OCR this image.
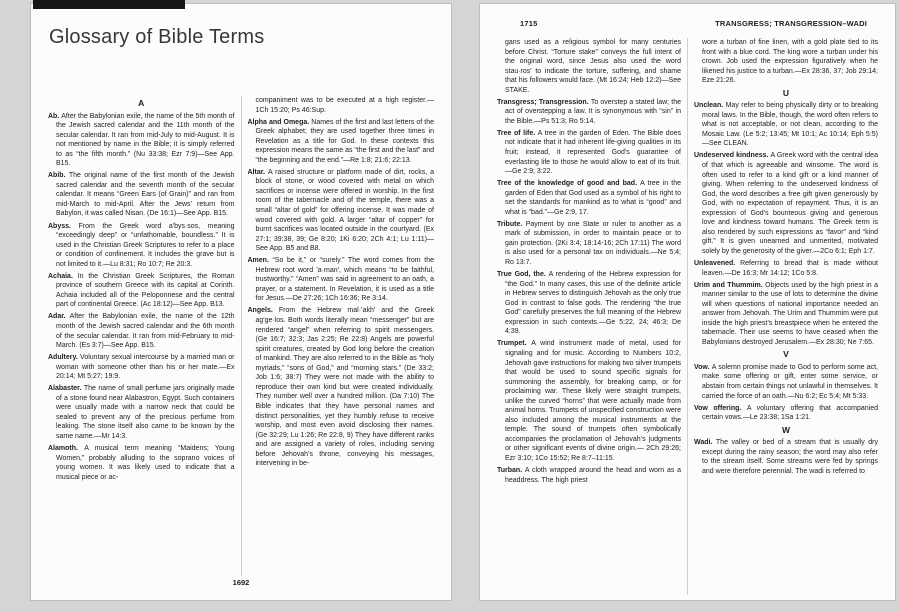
Glossary of Bible Terms
A
Ab. After the Babylonian exile, the name of the 5th month of the Jewish sacred calendar and the 11th month of the secular calendar. It ran from mid-July to mid-August. It is not mentioned by name in the Bible; it is simply referred to as “the fifth month.” (Nu 33:38; Ezr 7:9)—See App. B15.
Abib. The original name of the first month of the Jewish sacred calendar and the seventh month of the secular calendar. It means “Green Ears (of Grain)” and ran from mid-March to mid-April. After the Jews’ return from Babylon, it was called Nisan. (De 16:1)—See App. B15.
Abyss. From the Greek word a′bys·sos, meaning “exceedingly deep” or “unfathomable, boundless.” It is used in the Christian Greek Scriptures to refer to a place or condition of confinement. It includes the grave but is not limited to it.—Lu 8:31; Ro 10:7; Re 20:3.
Achaia. In the Christian Greek Scriptures, the Roman province of southern Greece with its capital at Corinth. Achaia included all of the Peloponnese and the central part of continental Greece. (Ac 18:12)—See App. B13.
Adar. After the Babylonian exile, the name of the 12th month of the Jewish sacred calendar and the 6th month of the secular calendar. It ran from mid-February to mid-March. (Es 3:7)—See App. B15.
Adultery. Voluntary sexual intercourse by a married man or woman with someone other than his or her mate.—Ex 20:14; Mt 5:27; 19:9.
Alabaster. The name of small perfume jars originally made of a stone found near Alabastron, Egypt. Such containers were usually made with a narrow neck that could be sealed to prevent any of the precious perfume from leaking. The stone itself also came to be known by the same name.—Mr 14:3.
Alamoth. A musical term meaning “Maidens; Young Women,” probably alluding to the soprano voices of young women. It was likely used to indicate that a musical piece or ac-
companiment was to be executed at a high register.—1Ch 15:20; Ps 46:Sup.
Alpha and Omega. Names of the first and last letters of the Greek alphabet; they are used together three times in Revelation as a title for God. In these contexts this expression means the same as “the first and the last” and “the beginning and the end.”—Re 1:8; 21:6; 22:13.
Altar. A raised structure or platform made of dirt, rocks, a block of stone, or wood covered with metal on which sacrifices or incense were offered in worship. In the first room of the tabernacle and of the temple, there was a small “altar of gold” for offering incense. It was made of wood covered with gold. A larger “altar of copper” for burnt sacrifices was located outside in the courtyard. (Ex 27:1; 39:38, 39; Ge 8:20; 1Ki 6:20; 2Ch 4:1; Lu 1:11)—See App. B5 and B8.
Amen. “So be it,” or “surely.” The word comes from the Hebrew root word ’a·man′, which means “to be faithful, trustworthy.” “Amen” was said in agreement to an oath, a prayer, or a statement. In Revelation, it is used as a title for Jesus.—De 27:26; 1Ch 16:36; Re 3:14.
Angels. From the Hebrew mal·’akh′ and the Greek ag′ge·los. Both words literally mean “messenger” but are rendered “angel” when referring to spirit messengers. (Ge 16:7; 32:3; Jas 2:25; Re 22:8) Angels are powerful spirit creatures, created by God long before the creation of mankind. They are also referred to in the Bible as “holy myriads,” “sons of God,” and “morning stars.” (De 33:2; Job 1:6; 38:7) They were not made with the ability to reproduce their own kind but were created individually. They number well over a hundred million. (Da 7:10) The Bible indicates that they have personal names and distinct personalities, yet they humbly refuse to receive worship, and most even avoid disclosing their names. (Ge 32:29; Lu 1:26; Re 22:8, 9) They have different ranks and are assigned a variety of roles, including serving before Jehovah’s throne, conveying his messages, intervening in be-
1692
1715	TRANSGRESS; TRANSGRESSION–WADI
gans used as a religious symbol for many centuries before Christ. “Torture stake” conveys the full intent of the original word, since Jesus also used the word stau·ros′ to indicate the torture, suffering, and shame that his followers would face. (Mt 16:24; Heb 12:2)—See STAKE.
Transgress; Transgression. To overstep a stated law; the act of overstepping a law. It is synonymous with “sin” in the Bible.—Ps 51:3; Ro 5:14.
Tree of life. A tree in the garden of Eden. The Bible does not indicate that it had inherent life-giving qualities in its fruit; instead, it represented God’s guarantee of everlasting life to those he would allow to eat of its fruit.—Ge 2:9; 3:22.
Tree of the knowledge of good and bad. A tree in the garden of Eden that God used as a symbol of his right to set the standards for mankind as to what is “good” and what is “bad.”—Ge 2:9, 17.
Tribute. Payment by one State or ruler to another as a mark of submission, in order to maintain peace or to gain protection. (2Ki 3:4; 18:14-16; 2Ch 17:11) The word is also used for a personal tax on individuals.—Ne 5:4; Ro 13:7.
True God, the. A rendering of the Hebrew expression for “the God.” In many cases, this use of the definite article in Hebrew serves to distinguish Jehovah as the only true God in contrast to false gods. The rendering “the true God” carefully preserves the full meaning of the Hebrew expression in such contexts.—Ge 5:22, 24; 46:3; De 4:39.
Trumpet. A wind instrument made of metal, used for signaling and for music. According to Numbers 10:2, Jehovah gave instructions for making two silver trumpets that would be used to sound specific signals for summoning the assembly, for breaking camp, or for proclaiming war. These likely were straight trumpets, unlike the curved “horns” that were actually made from animal horns. Trumpets of unspecified construction were also included among the musical instruments at the temple. The sound of trumpets often symbolically accompanies the proclamation of Jehovah’s judgments or other significant events of divine origin.— 2Ch 29:26; Ezr 3:10; 1Co 15:52; Re 8:7–11:15.
Turban. A cloth wrapped around the head and worn as a headdress. The high priest
wore a turban of fine linen, with a gold plate tied to its front with a blue cord. The king wore a turban under his crown. Job used the expression figuratively when he likened his justice to a turban.—Ex 28:36, 37; Job 29:14; Eze 21:26.
U
Unclean. May refer to being physically dirty or to breaking moral laws. In the Bible, though, the word often refers to what is not acceptable, or not clean, according to the Mosaic Law. (Le 5:2; 13:45; Mt 10:1; Ac 10:14; Eph 5:5)—See CLEAN.
Undeserved kindness. A Greek word with the central idea of that which is agreeable and winsome. The word is often used to refer to a kind gift or a kind manner of giving. When referring to the undeserved kindness of God, the word describes a free gift given generously by God, with no expectation of repayment. Thus, it is an expression of God’s bounteous giving and generous love and kindness toward humans. The Greek term is also rendered by such expressions as “favor” and “kind gift.” It is given unearned and unmerited, motivated solely by the generosity of the giver.—2Co 6:1; Eph 1:7.
Unleavened. Referring to bread that is made without leaven.—De 16:3; Mr 14:12; 1Co 5:8.
Urim and Thummim. Objects used by the high priest in a manner similar to the use of lots to determine the divine will when questions of national importance needed an answer from Jehovah. The Urim and Thummim were put inside the high priest’s breastpiece when he entered the tabernacle. Their use seems to have ceased when the Babylonians destroyed Jerusalem.—Ex 28:30; Ne 7:65.
V
Vow. A solemn promise made to God to perform some act, make some offering or gift, enter some service, or abstain from certain things not unlawful in themselves. It carried the force of an oath.—Nu 6:2; Ec 5:4; Mt 5:33.
Vow offering. A voluntary offering that accompanied certain vows.—Le 23:38; 1Sa 1:21.
W
Wadi. The valley or bed of a stream that is usually dry except during the rainy season; the word may also refer to the stream itself. Some streams were fed by springs and were therefore perennial. The wadi is referred to
